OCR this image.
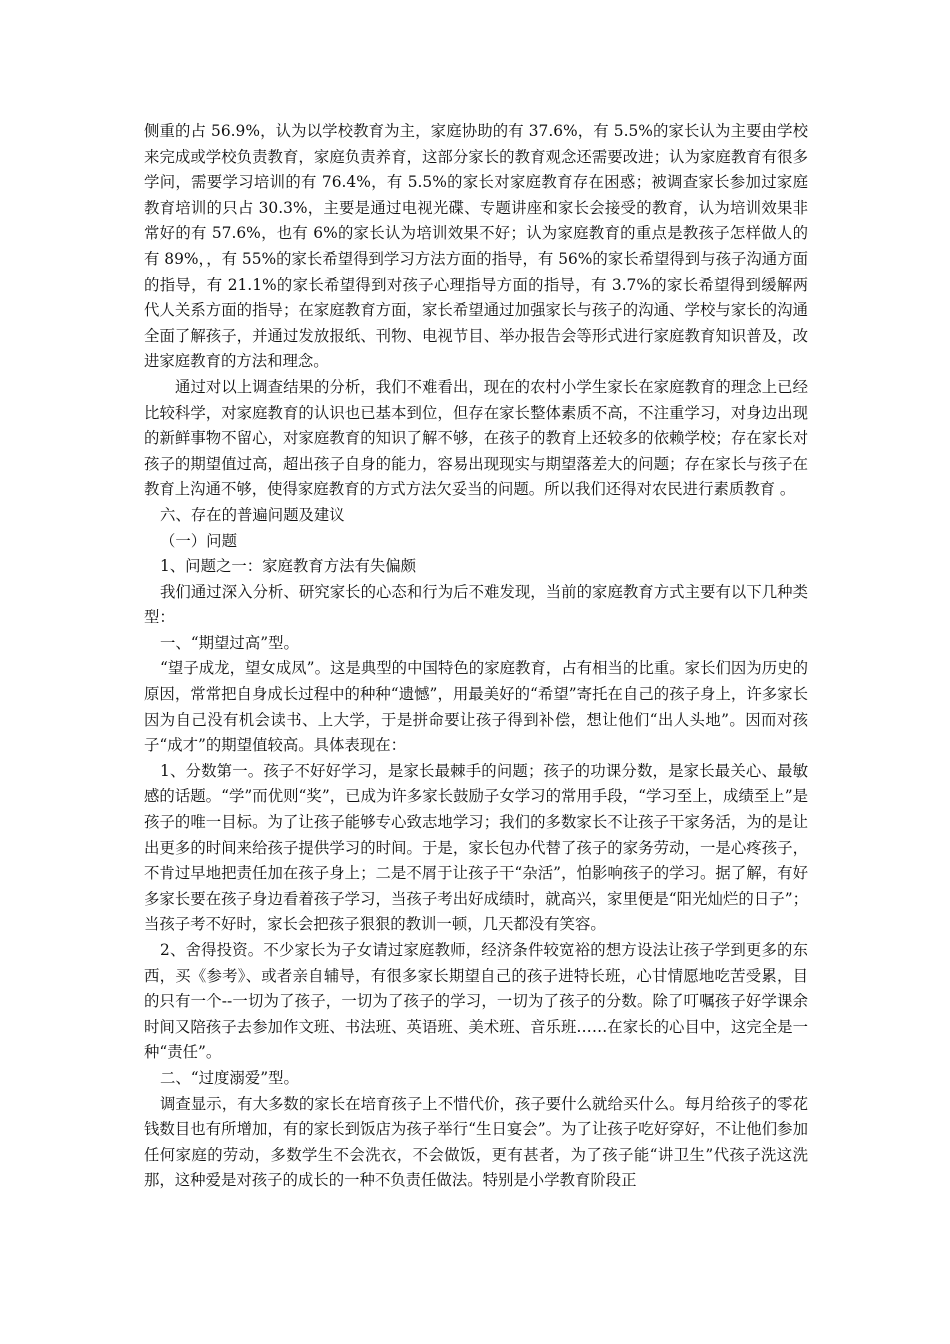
侧重的占 56.9%，认为以学校教育为主，家庭协助的有 37.6%，有 5.5%的家长认为主要由学校来完成或学校负责教育，家庭负责养育，这部分家长的教育观念还需要改进；认为家庭教育有很多学问，需要学习培训的有 76.4%，有 5.5%的家长对家庭教育存在困惑；被调查家长参加过家庭教育培训的只占 30.3%，主要是通过电视光碟、专题讲座和家长会接受的教育，认为培训效果非常好的有 57.6%，也有 6%的家长认为培训效果不好；认为家庭教育的重点是教孩子怎样做人的有 89%，，有 55%的家长希望得到学习方法方面的指导，有 56%的家长希望得到与孩子沟通方面的指导，有 21.1%的家长希望得到对孩子心理指导方面的指导，有 3.7%的家长希望得到缓解两代人关系方面的指导；在家庭教育方面，家长希望通过加强家长与孩子的沟通、学校与家长的沟通全面了解孩子，并通过发放报纸、刊物、电视节目、举办报告会等形式进行家庭教育知识普及，改进家庭教育的方法和理念。

通过对以上调查结果的分析，我们不难看出，现在的农村小学生家长在家庭教育的理念上已经比较科学，对家庭教育的认识也已基本到位，但存在家长整体素质不高，不注重学习，对身边出现的新鲜事物不留心，对家庭教育的知识了解不够，在孩子的教育上还较多的依赖学校；存在家长对孩子的期望值过高，超出孩子自身的能力，容易出现现实与期望落差大的问题；存在家长与孩子在教育上沟通不够，使得家庭教育的方式方法欠妥当的问题。所以我们还得对农民进行素质教育 。

六、存在的普遍问题及建议

（一）问题

1、问题之一：家庭教育方法有失偏颇

我们通过深入分析、研究家长的心态和行为后不难发现，当前的家庭教育方式主要有以下几种类型：

一、“期望过高”型。

“望子成龙，望女成凤”。这是典型的中国特色的家庭教育，占有相当的比重。家长们因为历史的原因，常常把自身成长过程中的种种“遗憾”，用最美好的“希望”寄托在自己的孩子身上，许多家长因为自己没有机会读书、上大学，于是拼命要让孩子得到补偿，想让他们“出人头地”。因而对孩子“成才”的期望值较高。具体表现在：

1、分数第一。孩子不好好学习，是家长最棘手的问题；孩子的功课分数，是家长最关心、最敏感的话题。“学”而优则“奖”，已成为许多家长鼓励子女学习的常用手段，“学习至上，成绩至上”是孩子的唯一目标。为了让孩子能够专心致志地学习；我们的多数家长不让孩子干家务活，为的是让出更多的时间来给孩子提供学习的时间。于是，家长包办代替了孩子的家务劳动，一是心疼孩子，不肯过早地把责任加在孩子身上；二是不屑于让孩子干“杂活”，怕影响孩子的学习。据了解，有好多家长要在孩子身边看着孩子学习，当孩子考出好成绩时，就高兴，家里便是“阳光灿烂的日子”；当孩子考不好时，家长会把孩子狠狠的教训一顿，几天都没有笑容。

2、舍得投资。不少家长为子女请过家庭教师，经济条件较宽裕的想方设法让孩子学到更多的东西，买《参考》、或者亲自辅导，有很多家长期望自己的孩子进特长班，心甘情愿地吃苦受累，目的只有一个--一切为了孩子，一切为了孩子的学习，一切为了孩子的分数。除了叮嘱孩子好学课余时间又陪孩子去参加作文班、书法班、英语班、美术班、音乐班……在家长的心目中，这完全是一种“责任”。

二、“过度溺爱”型。

调查显示，有大多数的家长在培育孩子上不惜代价，孩子要什么就给买什么。每月给孩子的零花钱数目也有所增加，有的家长到饭店为孩子举行“生日宴会”。为了让孩子吃好穿好，不让他们参加任何家庭的劳动，多数学生不会洗衣，不会做饭，更有甚者，为了孩子能“讲卫生”代孩子洗这洗那，这种爱是对孩子的成长的一种不负责任做法。特别是小学教育阶段正
